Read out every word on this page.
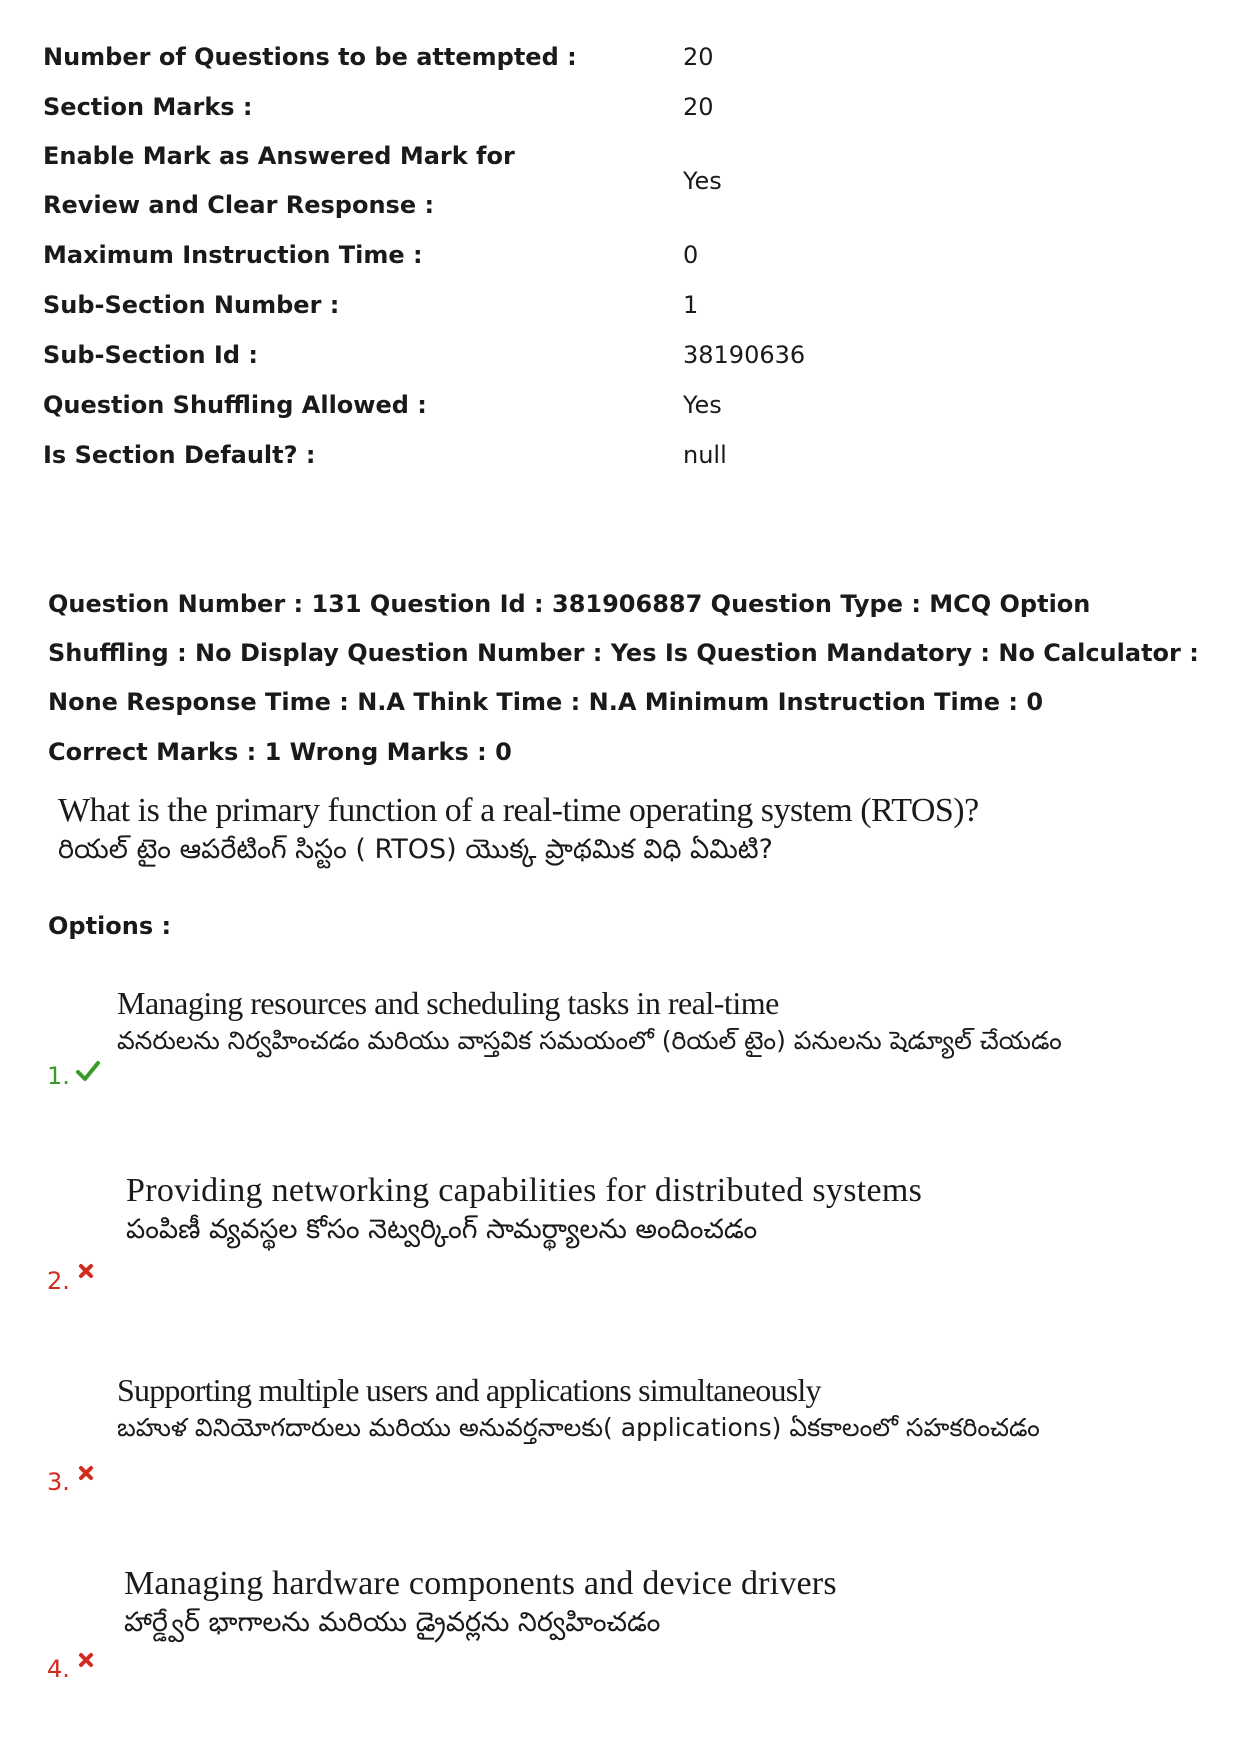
Number of Questions to be attempted :	20
Section Marks :	20
Enable Mark as Answered Mark for Review and Clear Response :
Yes
Maximum Instruction Time :	0
Sub-Section Number :	1
Sub-Section Id :	38190636
Question Shuffling Allowed :	Yes
Is Section Default? :	null
Question Number : 131 Question Id : 381906887 Question Type : MCQ Option Shuffling : No Display Question Number : Yes Is Question Mandatory : No Calculator : None Response Time : N.A Think Time : N.A Minimum Instruction Time : 0
Correct Marks : 1 Wrong Marks : 0
What is the primary function of a real-time operating system (RTOS)?
రియల్ టైం ఆపరేటింగ్ సిస్టం ( RTOS) యొక్క ప్రాథమిక విధి ఏమిటి?
Options :
1.
Managing resources and scheduling tasks in real-time
వనరులను నిర్వహించడం మరియు వాస్తవిక సమయంలో (రియల్ టైం) పనులను షెడ్యూల్ చేయడం
2.
Providing networking capabilities for distributed systems
పంపిణీ వ్యవస్థల కోసం నెట్వర్కింగ్ సామర్థ్యాలను అందించడం
3.
Supporting multiple users and applications simultaneously
బహుళ వినియోగదారులు మరియు అనువర్తనాలకు( applications) ఏకకాలంలో సహకరించడం
4.
Managing hardware components and device drivers
హార్డ్వేర్ భాగాలను మరియు డ్రైవర్లను నిర్వహించడం
